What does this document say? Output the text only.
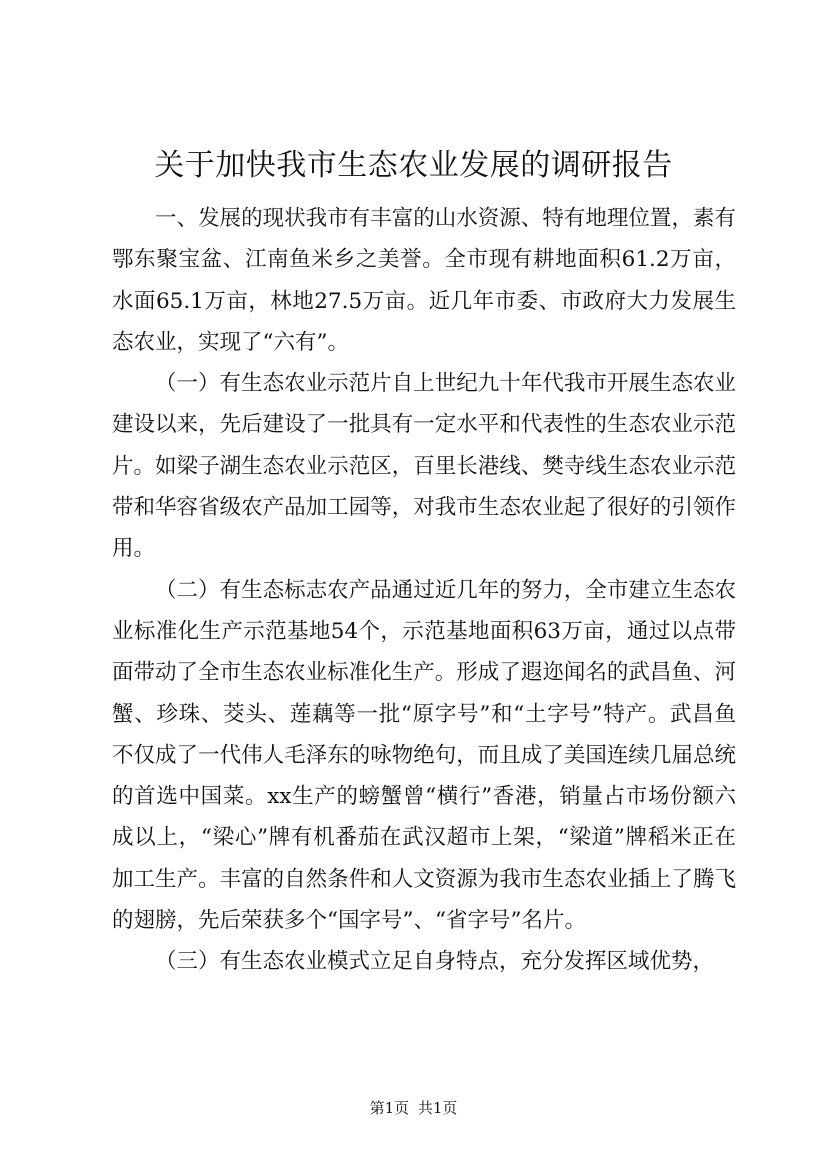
关于加快我市生态农业发展的调研报告

一、发展的现状我市有丰富的山水资源、特有地理位置，素有鄂东聚宝盆、江南鱼米乡之美誉。全市现有耕地面积61.2万亩，水面65.1万亩，林地27.5万亩。近几年市委、市政府大力发展生态农业，实现了“六有”。

（一）有生态农业示范片自上世纪九十年代我市开展生态农业建设以来，先后建设了一批具有一定水平和代表性的生态农业示范片。如梁子湖生态农业示范区，百里长港线、樊寺线生态农业示范带和华容省级农产品加工园等，对我市生态农业起了很好的引领作用。

（二）有生态标志农产品通过近几年的努力，全市建立生态农业标准化生产示范基地54个，示范基地面积63万亩，通过以点带面带动了全市生态农业标准化生产。形成了遐迩闻名的武昌鱼、河蟹、珍珠、茭头、莲藕等一批“原字号”和“土字号”特产。武昌鱼不仅成了一代伟人毛泽东的咏物绝句，而且成了美国连续几届总统的首选中国菜。xx生产的螃蟹曾“横行”香港，销量占市场份额六成以上，“梁心”牌有机番茄在武汉超市上架，“梁道”牌稻米正在加工生产。丰富的自然条件和人文资源为我市生态农业插上了腾飞的翅膀，先后荣获多个“国字号”、“省字号”名片。

（三）有生态农业模式立足自身特点，充分发挥区域优势，

第1页 共1页
